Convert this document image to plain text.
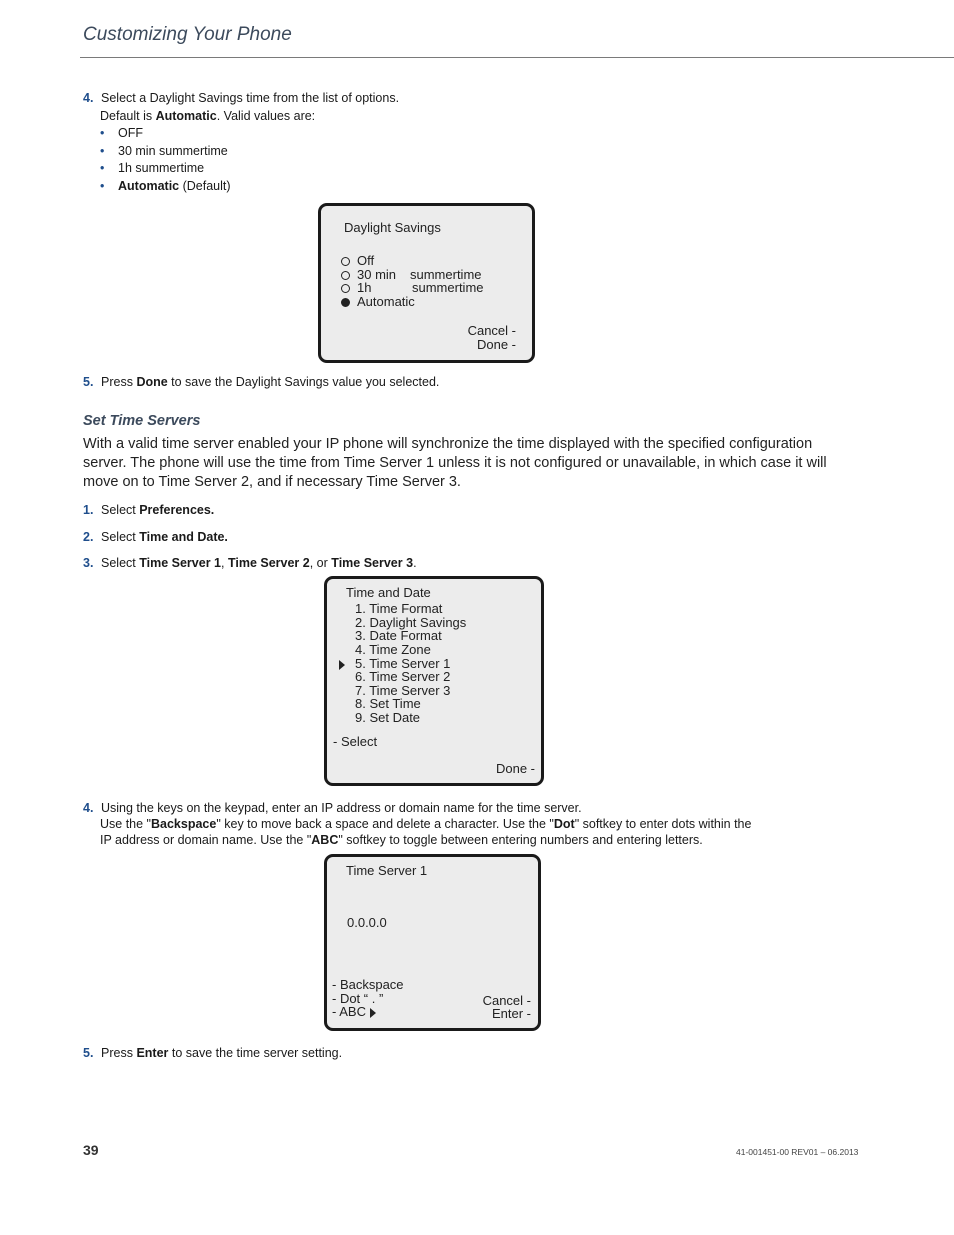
Customizing Your Phone
4. Select a Daylight Savings time from the list of options.
Default is Automatic. Valid values are:
• OFF
• 30 min summertime
• 1h summertime
• Automatic (Default)
Daylight Savings
Off
30 min summertime
1h	summertime
Automatic
Cancel -
Done -
5. Press Done to save the Daylight Savings value you selected.
Set Time Servers
With a valid time server enabled your IP phone will synchronize the time displayed with the specified configuration server. The phone will use the time from Time Server 1 unless it is not configured or unavailable, in which case it will move on to Time Server 2, and if necessary Time Server 3.
1. Select Preferences.
2. Select Time and Date.
3. Select Time Server 1, Time Server 2, or Time Server 3.
Time and Date
1. Time Format
2. Daylight Savings
3. Date Format
4. Time Zone
5. Time Server 1
6. Time Server 2
7. Time Server 3
8. Set Time
9. Set Date
- Select
Done -
4. Using the keys on the keypad, enter an IP address or domain name for the time server.
Use the "Backspace" key to move back a space and delete a character. Use the "Dot" softkey to enter dots within the
IP address or domain name. Use the "ABC" softkey to toggle between entering numbers and entering letters.
Time Server 1
0.0.0.0
- Backspace
- Dot “ . ”
- ABC
Cancel -
Enter -
5. Press Enter to save the time server setting.
39	41-001451-00 REV01 – 06.2013
